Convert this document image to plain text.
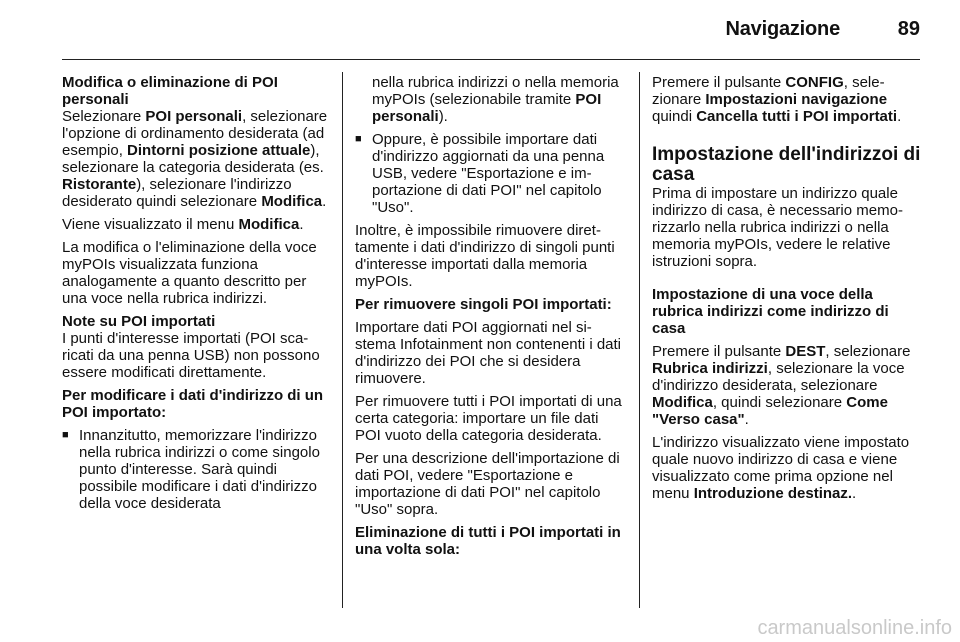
Navigazione	89
Modifica o eliminazione di POI personali

Selezionare POI personali, selezionare l'opzione di ordinamento desiderata (ad esempio, Dintorni posizione attuale), selezionare la categoria desiderata (es. Ristorante), selezionare l'indirizzo desiderato quindi selezionare Modifica.

Viene visualizzato il menu Modifica.

La modifica o l'eliminazione della voce myPOIs visualizzata funziona analogamente a quanto descritto per una voce nella rubrica indirizzi.

Note su POI importati

I punti d'interesse importati (POI scaricati da una penna USB) non possono essere modificati direttamente.

Per modificare i dati d'indirizzo di un POI importato:
■ Innanzitutto, memorizzare l'indirizzo nella rubrica indirizzi o come singolo punto d'interesse. Sarà quindi possibile modificare i dati d'indirizzo della voce desiderata
nella rubrica indirizzi o nella memoria myPOIs (selezionabile tramite POI personali).
■ Oppure, è possibile importare dati d'indirizzo aggiornati da una penna USB, vedere "Esportazione e importazione di dati POI" nel capitolo "Uso".

Inoltre, è impossibile rimuovere direttamente i dati d'indirizzo di singoli punti d'interesse importati dalla memoria myPOIs.

Per rimuovere singoli POI importati:

Importare dati POI aggiornati nel sistema Infotainment non contenenti i dati d'indirizzo dei POI che si desidera rimuovere.

Per rimuovere tutti i POI importati di una certa categoria: importare un file dati POI vuoto della categoria desiderata.

Per una descrizione dell'importazione di dati POI, vedere "Esportazione e importazione di dati POI" nel capitolo "Uso" sopra.

Eliminazione di tutti i POI importati in una volta sola:

Premere il pulsante CONFIG, selezionare Impostazioni navigazione quindi Cancella tutti i POI importati.

Impostazione dell'indirizzoi di casa

Prima di impostare un indirizzo quale indirizzo di casa, è necessario memorizzarlo nella rubrica indirizzi o nella memoria myPOIs, vedere le relative istruzioni sopra.

Impostazione di una voce della rubrica indirizzi come indirizzo di casa

Premere il pulsante DEST, selezionare Rubrica indirizzi, selezionare la voce d'indirizzo desiderata, selezionare Modifica, quindi selezionare Come "Verso casa".

L'indirizzo visualizzato viene impostato quale nuovo indirizzo di casa e viene visualizzato come prima opzione nel menu Introduzione destinaz..

carmanualsonline.info
